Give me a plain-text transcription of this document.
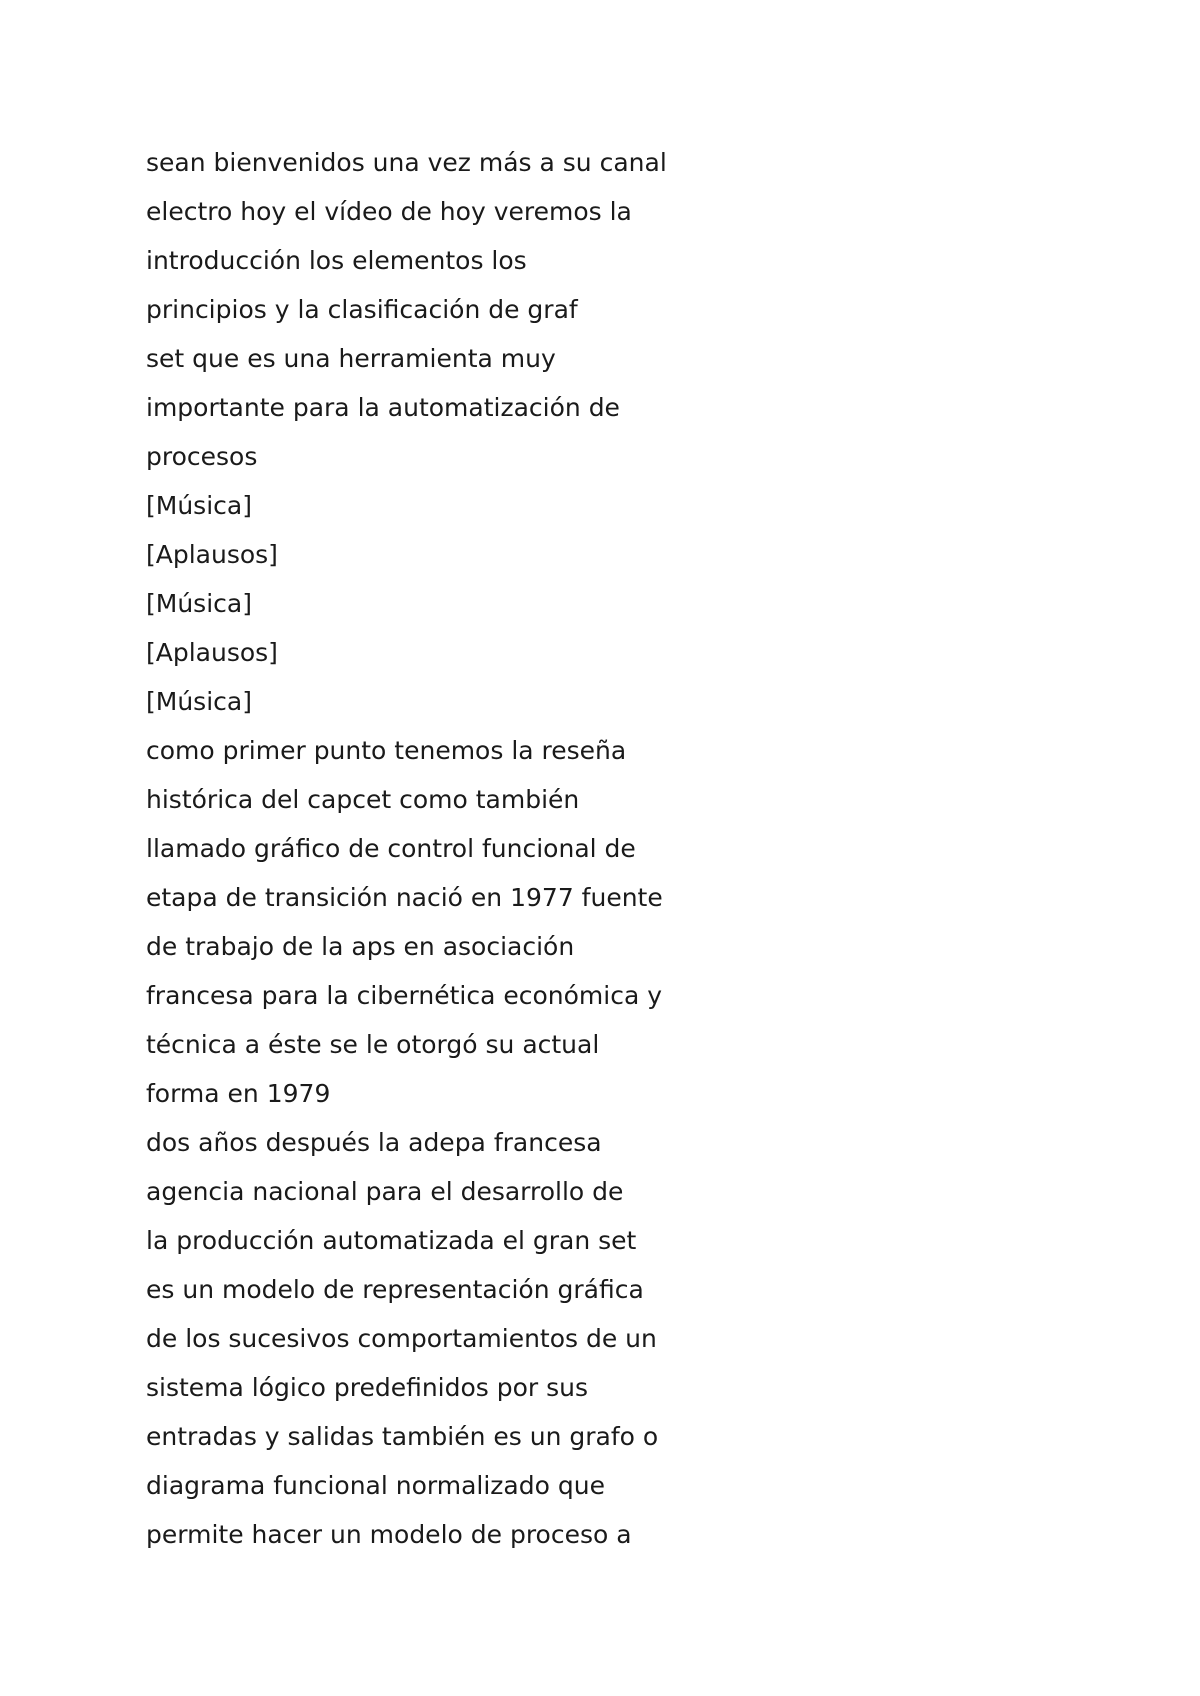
sean bienvenidos una vez más a su canal
electro hoy el vídeo de hoy veremos la
introducción los elementos los
principios y la clasificación de graf
set que es una herramienta muy
importante para la automatización de
procesos
[Música]
[Aplausos]
[Música]
[Aplausos]
[Música]
como primer punto tenemos la reseña
histórica del capcet como también
llamado gráfico de control funcional de
etapa de transición nació en 1977 fuente
de trabajo de la aps en asociación
francesa para la cibernética económica y
técnica a éste se le otorgó su actual
forma en 1979
dos años después la adepa francesa
agencia nacional para el desarrollo de
la producción automatizada el gran set
es un modelo de representación gráfica
de los sucesivos comportamientos de un
sistema lógico predefinidos por sus
entradas y salidas también es un grafo o
diagrama funcional normalizado que
permite hacer un modelo de proceso a
